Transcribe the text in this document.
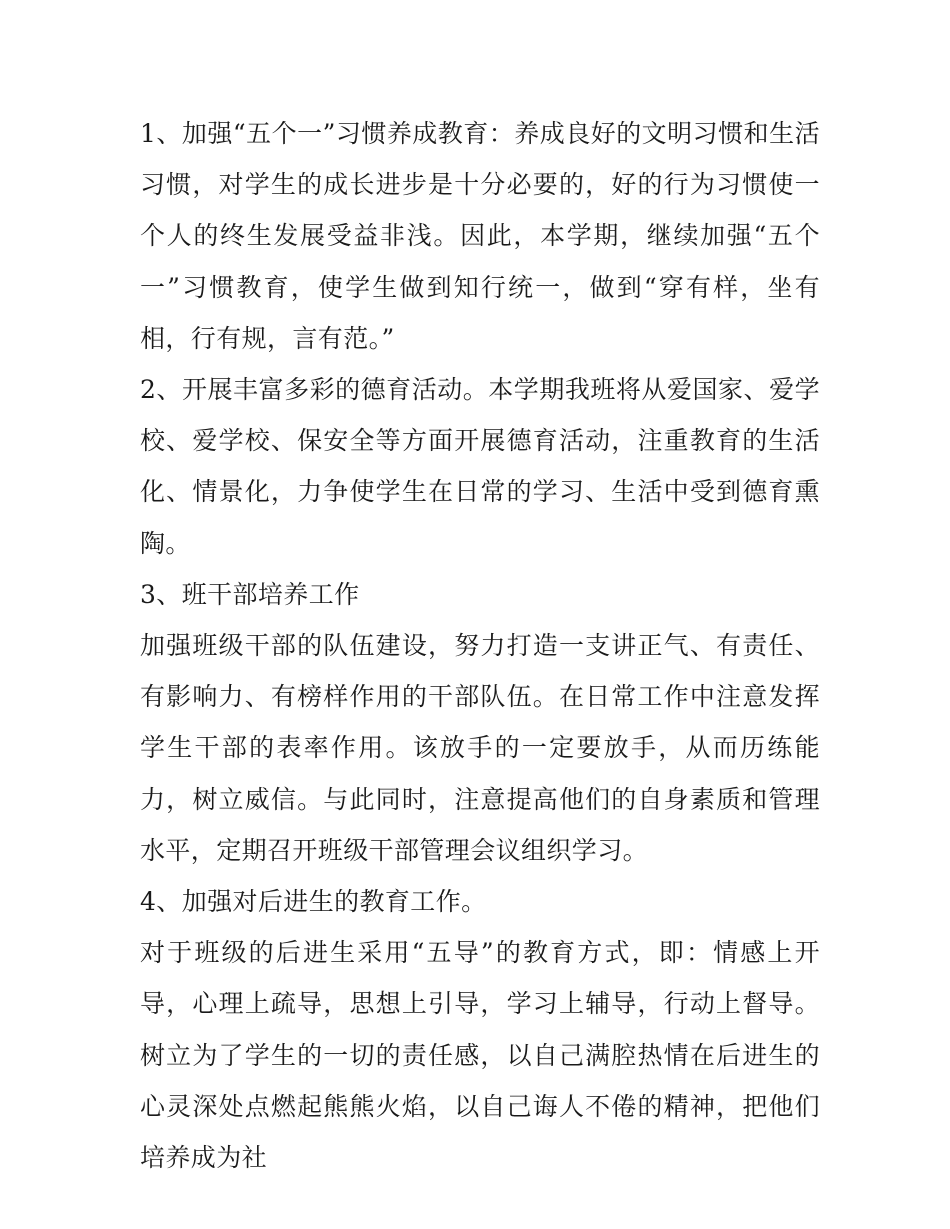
1、加强“五个一”习惯养成教育：养成良好的文明习惯和生活习惯，对学生的成长进步是十分必要的，好的行为习惯使一个人的终生发展受益非浅。因此，本学期，继续加强“五个一”习惯教育，使学生做到知行统一，做到“穿有样，坐有相，行有规，言有范。”

2、开展丰富多彩的德育活动。本学期我班将从爱国家、爱学校、爱学校、保安全等方面开展德育活动，注重教育的生活化、情景化，力争使学生在日常的学习、生活中受到德育熏陶。

3、班干部培养工作

加强班级干部的队伍建设，努力打造一支讲正气、有责任、有影响力、有榜样作用的干部队伍。在日常工作中注意发挥学生干部的表率作用。该放手的一定要放手，从而历练能力，树立威信。与此同时，注意提高他们的自身素质和管理水平，定期召开班级干部管理会议组织学习。

4、加强对后进生的教育工作。

对于班级的后进生采用“五导”的教育方式，即：情感上开导，心理上疏导，思想上引导，学习上辅导，行动上督导。树立为了学生的一切的责任感，以自己满腔热情在后进生的心灵深处点燃起熊熊火焰，以自己诲人不倦的精神，把他们培养成为社
